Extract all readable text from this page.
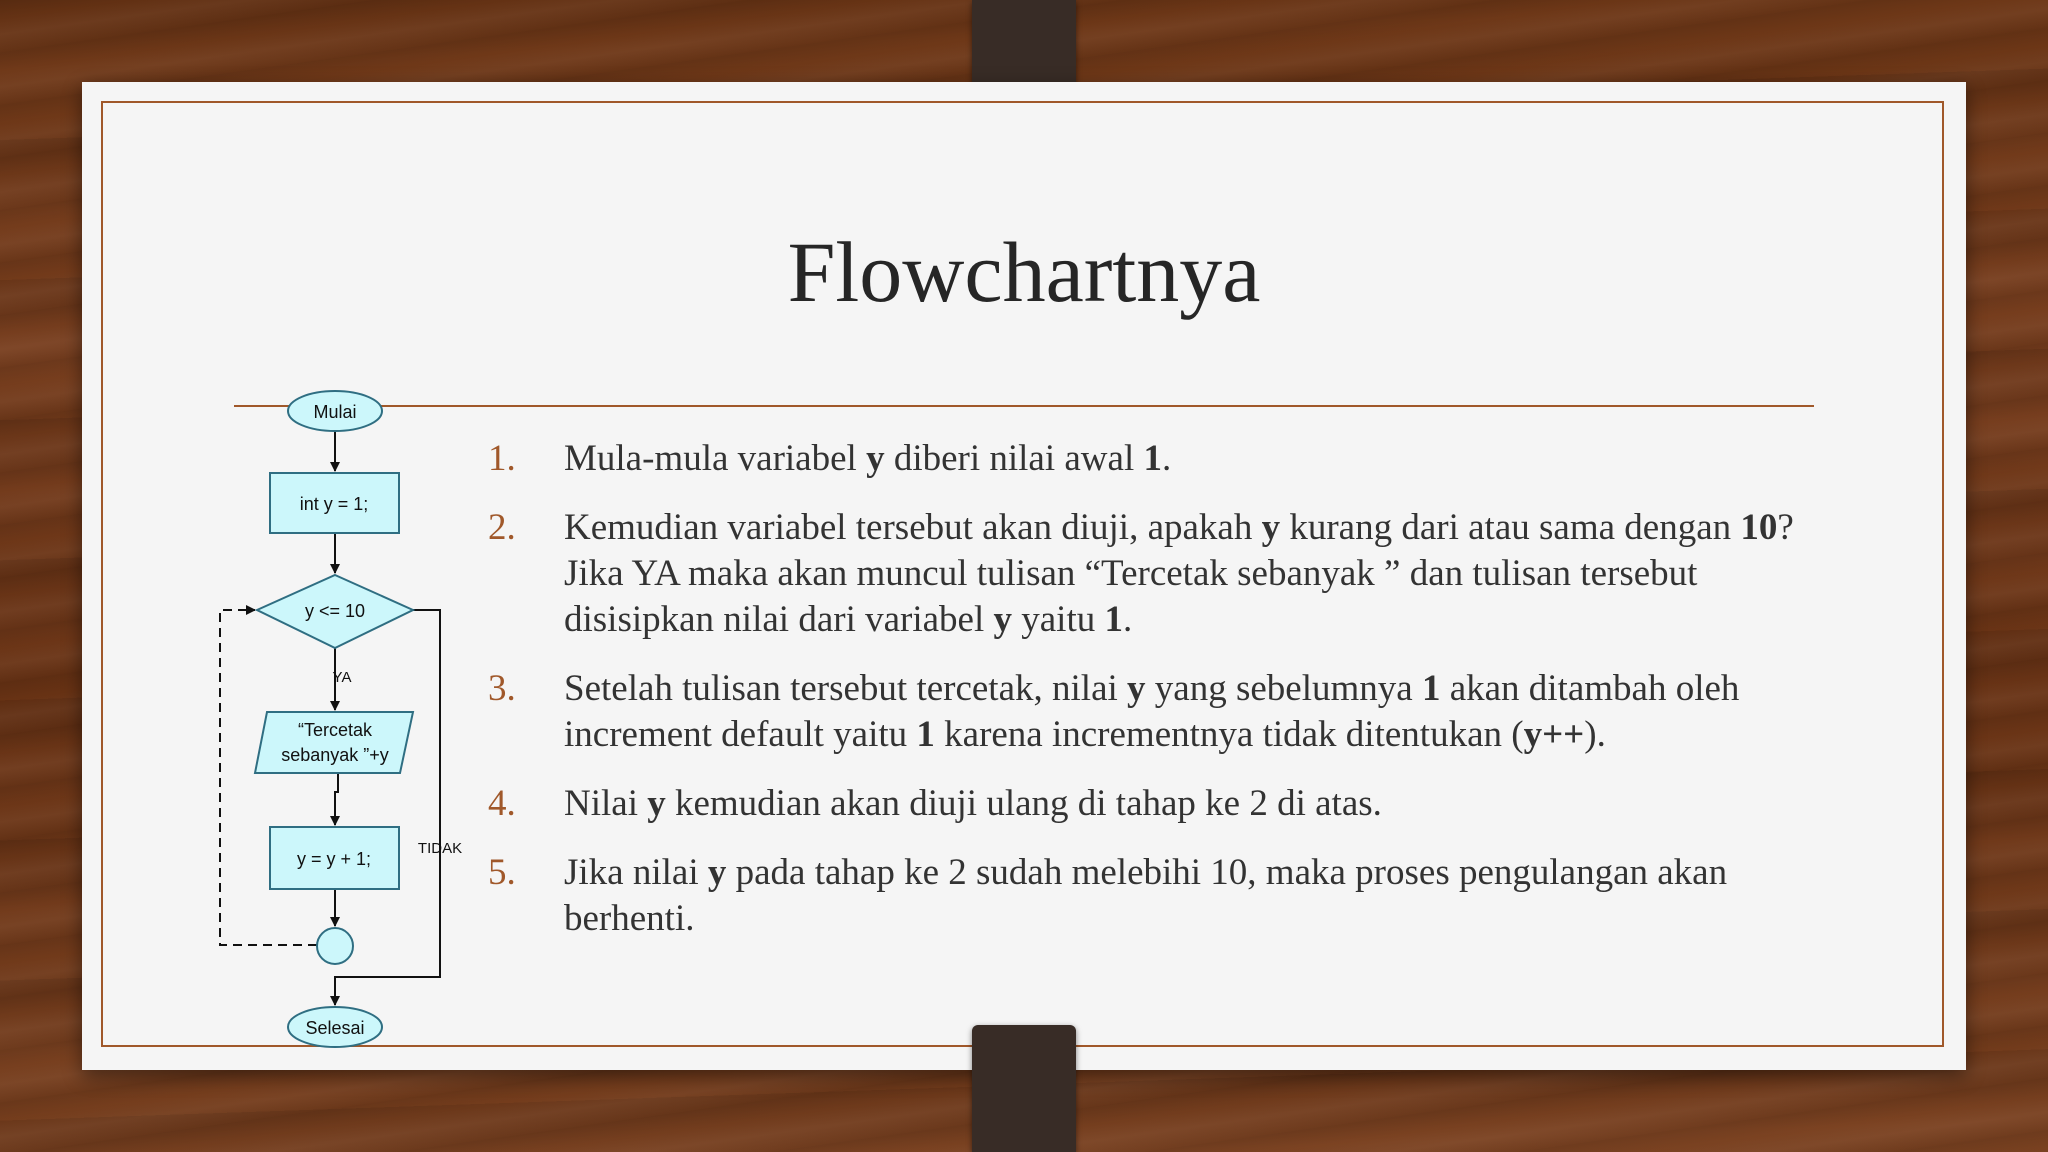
Flowchartnya
Mulai
int y = 1;
y <= 10
YA
TIDAK
“Tercetak
sebanyak ”+y
y = y + 1;
Selesai
1. Mula-mula variabel y diberi nilai awal 1.
2. Kemudian variabel tersebut akan diuji, apakah y kurang dari atau sama dengan 10? Jika YA maka akan muncul tulisan “Tercetak sebanyak ” dan tulisan tersebut disisipkan nilai dari variabel y yaitu 1.
3. Setelah tulisan tersebut tercetak, nilai y yang sebelumnya 1 akan ditambah oleh increment default yaitu 1 karena incrementnya tidak ditentukan (y++).
4. Nilai y kemudian akan diuji ulang di tahap ke 2 di atas.
5. Jika nilai y pada tahap ke 2 sudah melebihi 10, maka proses pengulangan akan berhenti.
